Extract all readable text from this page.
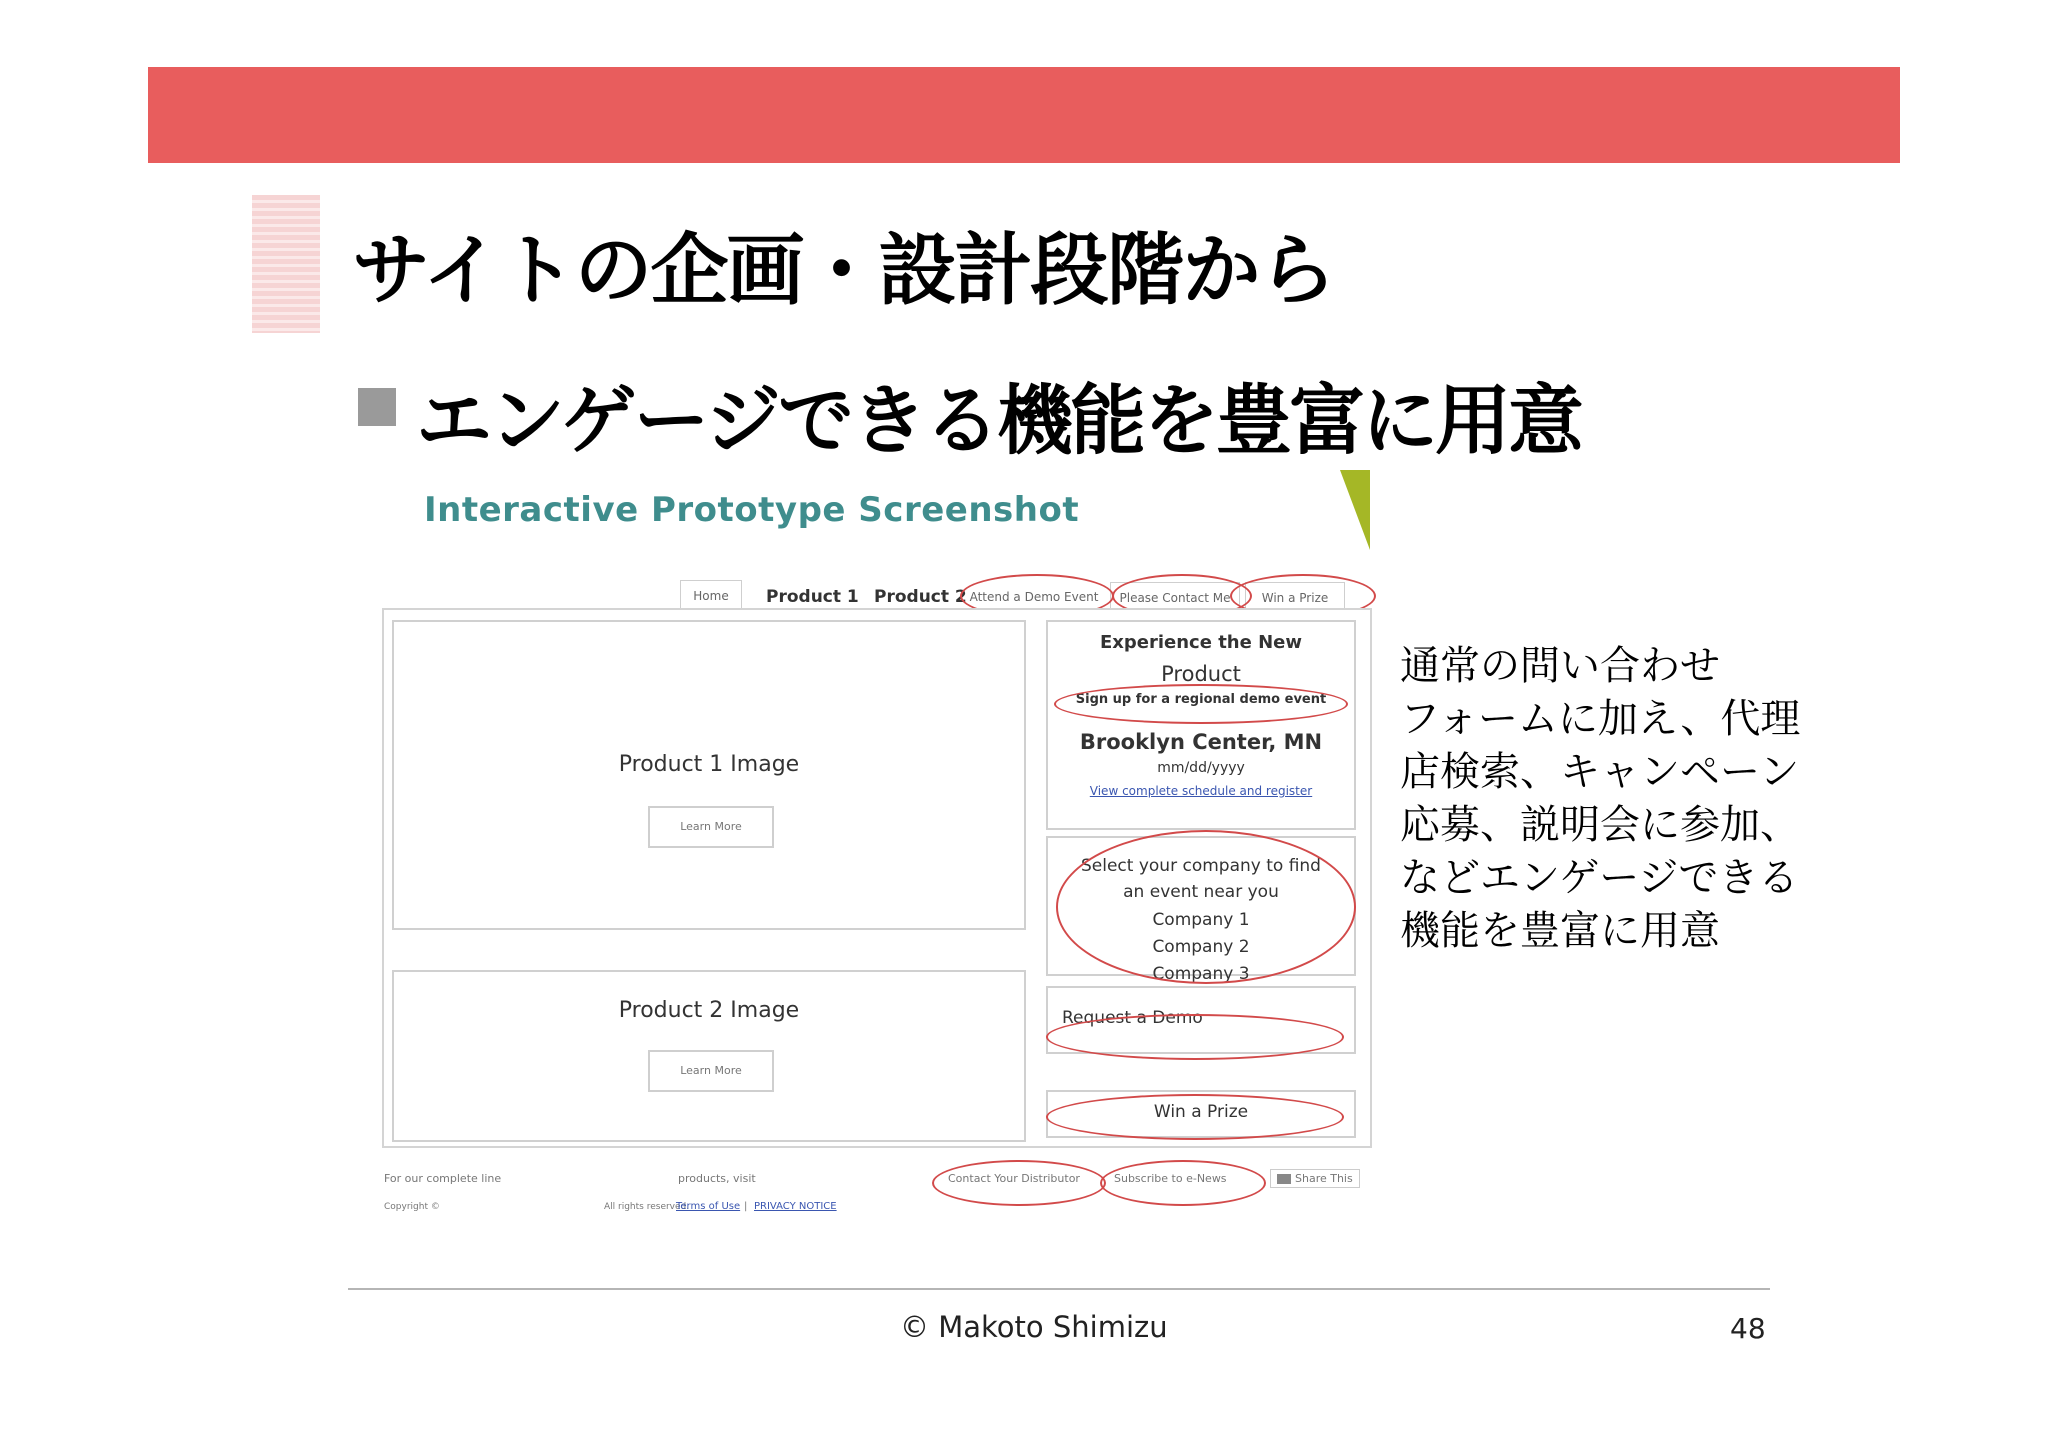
サイトの企画・設計段階から
エンゲージできる機能を豊富に用意
Interactive Prototype Screenshot
Home	Product 1 Product 2 Attend a Demo Event	Please Contact Me	Win a Prize
Product 1 Image
Learn More
Product 2 Image
Learn More
Experience the New
Product
Sign up for a regional demo event
Brooklyn Center, MN
mm/dd/yyyy
View complete schedule and register
Select your company to find
an event near you
Company 1
Company 2
Company 3
Request a Demo
Win a Prize
For our complete line	products, visit
Copyright ©	All rights reserved.
Terms of Use | PRIVACY NOTICE
Contact Your Distributor	Subscribe to e-News	Share This
通常の問い合わせ
フォームに加え、代理
店検索、キャンペーン
応募、説明会に参加、
などエンゲージできる
機能を豊富に用意
© Makoto Shimizu	48
